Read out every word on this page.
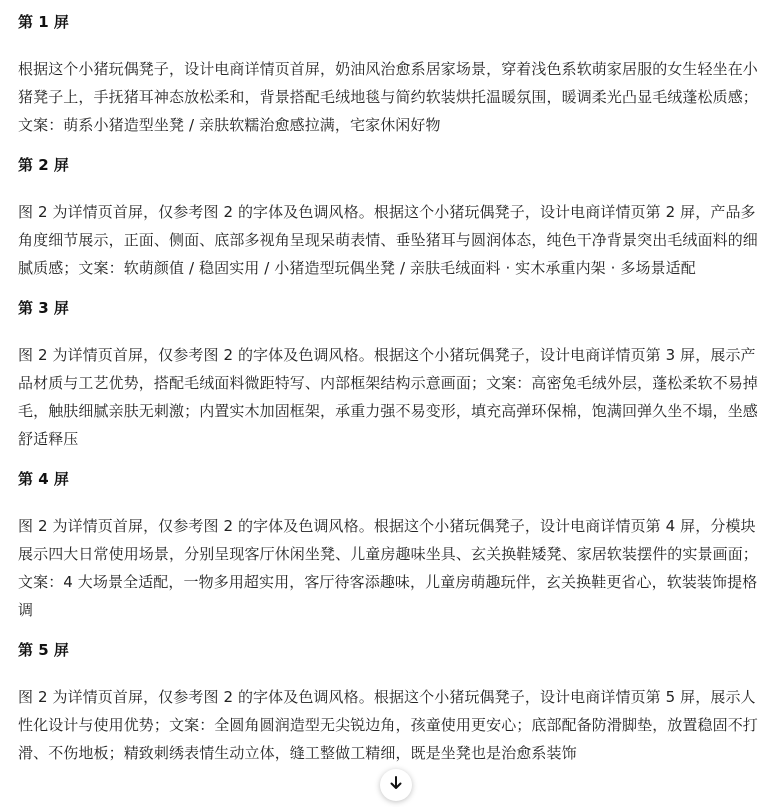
第 1 屏
根据这个小猪玩偶凳子，设计电商详情页首屏，奶油风治愈系居家场景，穿着浅色系软萌家居服的女生轻坐在小猪凳子上，手抚猪耳神态放松柔和，背景搭配毛绒地毯与简约软装烘托温暖氛围，暖调柔光凸显毛绒蓬松质感；文案：萌系小猪造型坐凳 / 亲肤软糯治愈感拉满，宅家休闲好物
第 2 屏
图 2 为详情页首屏，仅参考图 2 的字体及色调风格。根据这个小猪玩偶凳子，设计电商详情页第 2 屏，产品多角度细节展示，正面、侧面、底部多视角呈现呆萌表情、垂坠猪耳与圆润体态，纯色干净背景突出毛绒面料的细腻质感；文案：软萌颜值 / 稳固实用 / 小猪造型玩偶坐凳 / 亲肤毛绒面料 · 实木承重内架 · 多场景适配
第 3 屏
图 2 为详情页首屏，仅参考图 2 的字体及色调风格。根据这个小猪玩偶凳子，设计电商详情页第 3 屏，展示产品材质与工艺优势，搭配毛绒面料微距特写、内部框架结构示意画面；文案：高密兔毛绒外层，蓬松柔软不易掉毛，触肤细腻亲肤无刺激；内置实木加固框架，承重力强不易变形，填充高弹环保棉，饱满回弹久坐不塌，坐感舒适释压
第 4 屏
图 2 为详情页首屏，仅参考图 2 的字体及色调风格。根据这个小猪玩偶凳子，设计电商详情页第 4 屏，分模块展示四大日常使用场景，分别呈现客厅休闲坐凳、儿童房趣味坐具、玄关换鞋矮凳、家居软装摆件的实景画面；文案：4 大场景全适配，一物多用超实用，客厅待客添趣味，儿童房萌趣玩伴，玄关换鞋更省心，软装装饰提格调
第 5 屏
图 2 为详情页首屏，仅参考图 2 的字体及色调风格。根据这个小猪玩偶凳子，设计电商详情页第 5 屏，展示人性化设计与使用优势；文案：全圆角圆润造型无尖锐边角，孩童使用更安心；底部配备防滑脚垫，放置稳固不打滑、不伤地板；精致刺绣表情生动立体，缝工整做工精细，既是坐凳也是治愈系装饰
